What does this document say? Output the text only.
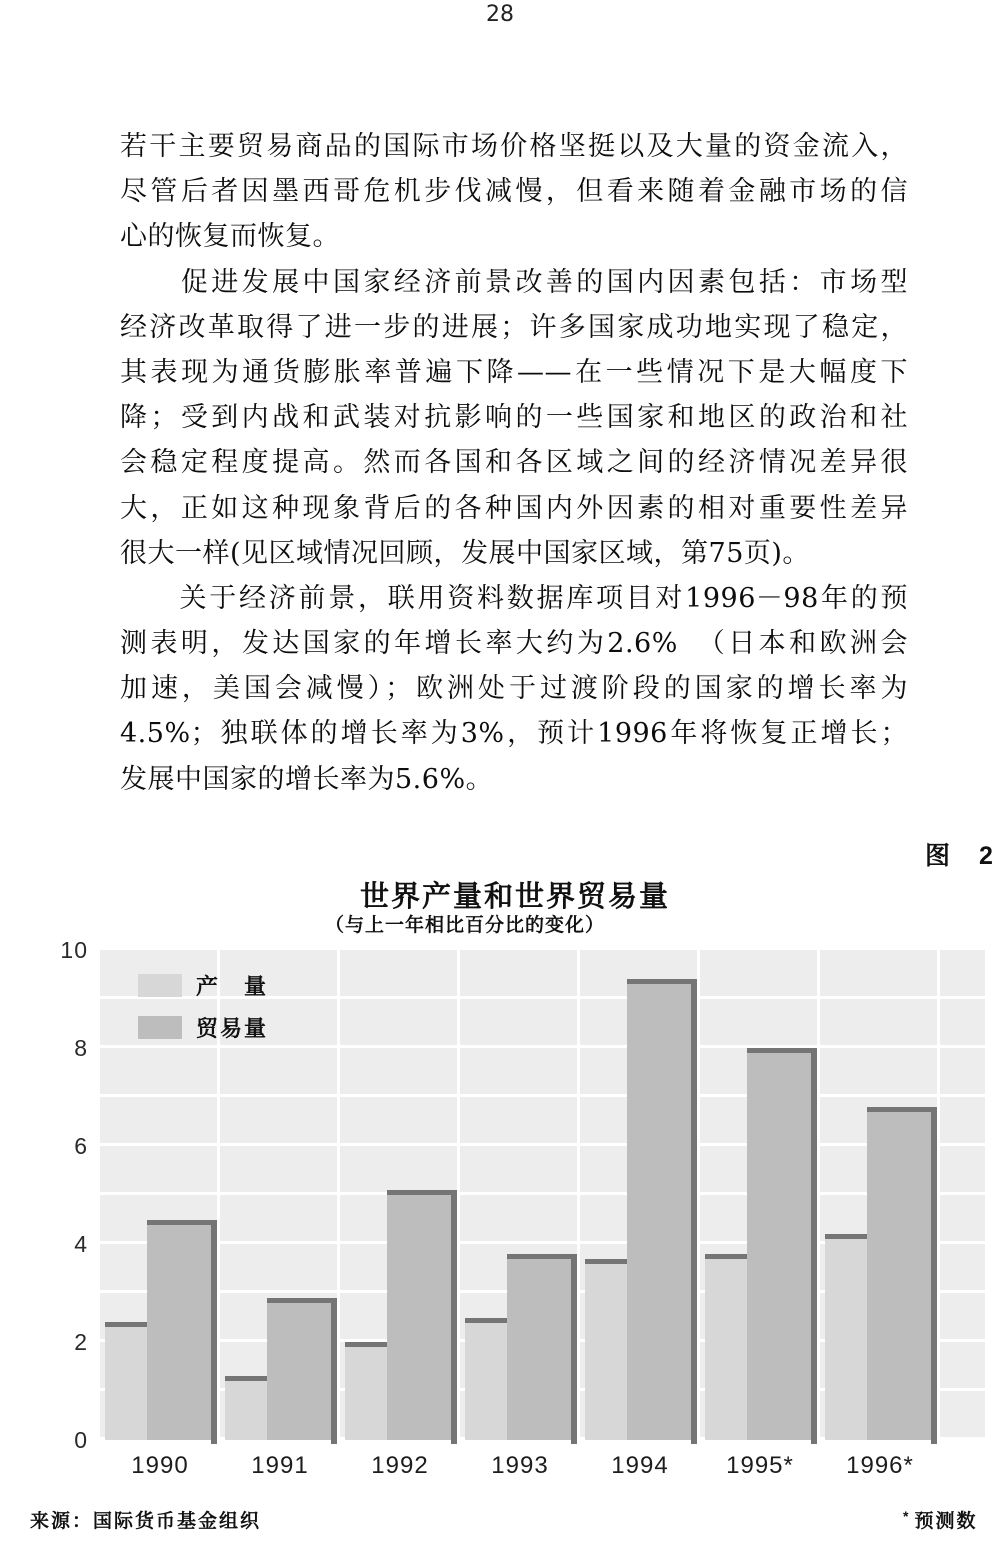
28
若干主要贸易商品的国际市场价格坚挺以及大量的资金流入，
尽管后者因墨西哥危机步伐减慢，但看来随着金融市场的信
心的恢复而恢复。
　　促进发展中国家经济前景改善的国内因素包括：市场型
经济改革取得了进一步的进展；许多国家成功地实现了稳定，
其表现为通货膨胀率普遍下降——在一些情况下是大幅度下
降；受到内战和武装对抗影响的一些国家和地区的政治和社
会稳定程度提高。然而各国和各区域之间的经济情况差异很
大，正如这种现象背后的各种国内外因素的相对重要性差异
很大一样(见区域情况回顾，发展中国家区域，第75页)。
　　关于经济前景，联用资料数据库项目对1996－98年的预
测表明，发达国家的年增长率大约为2.6%　（日本和欧洲会
加速，美国会减慢）；欧洲处于过渡阶段的国家的增长率为
4.5%；独联体的增长率为3%，预计1996年将恢复正增长；
发展中国家的增长率为5.6%。
图　2
世界产量和世界贸易量
（与上一年相比百分比的变化）
产　量
贸易量
0
2
4
6
8
10
1990	1991	1992	1993	1994	1995*	1996*
来源：国际货币基金组织	* 预测数
